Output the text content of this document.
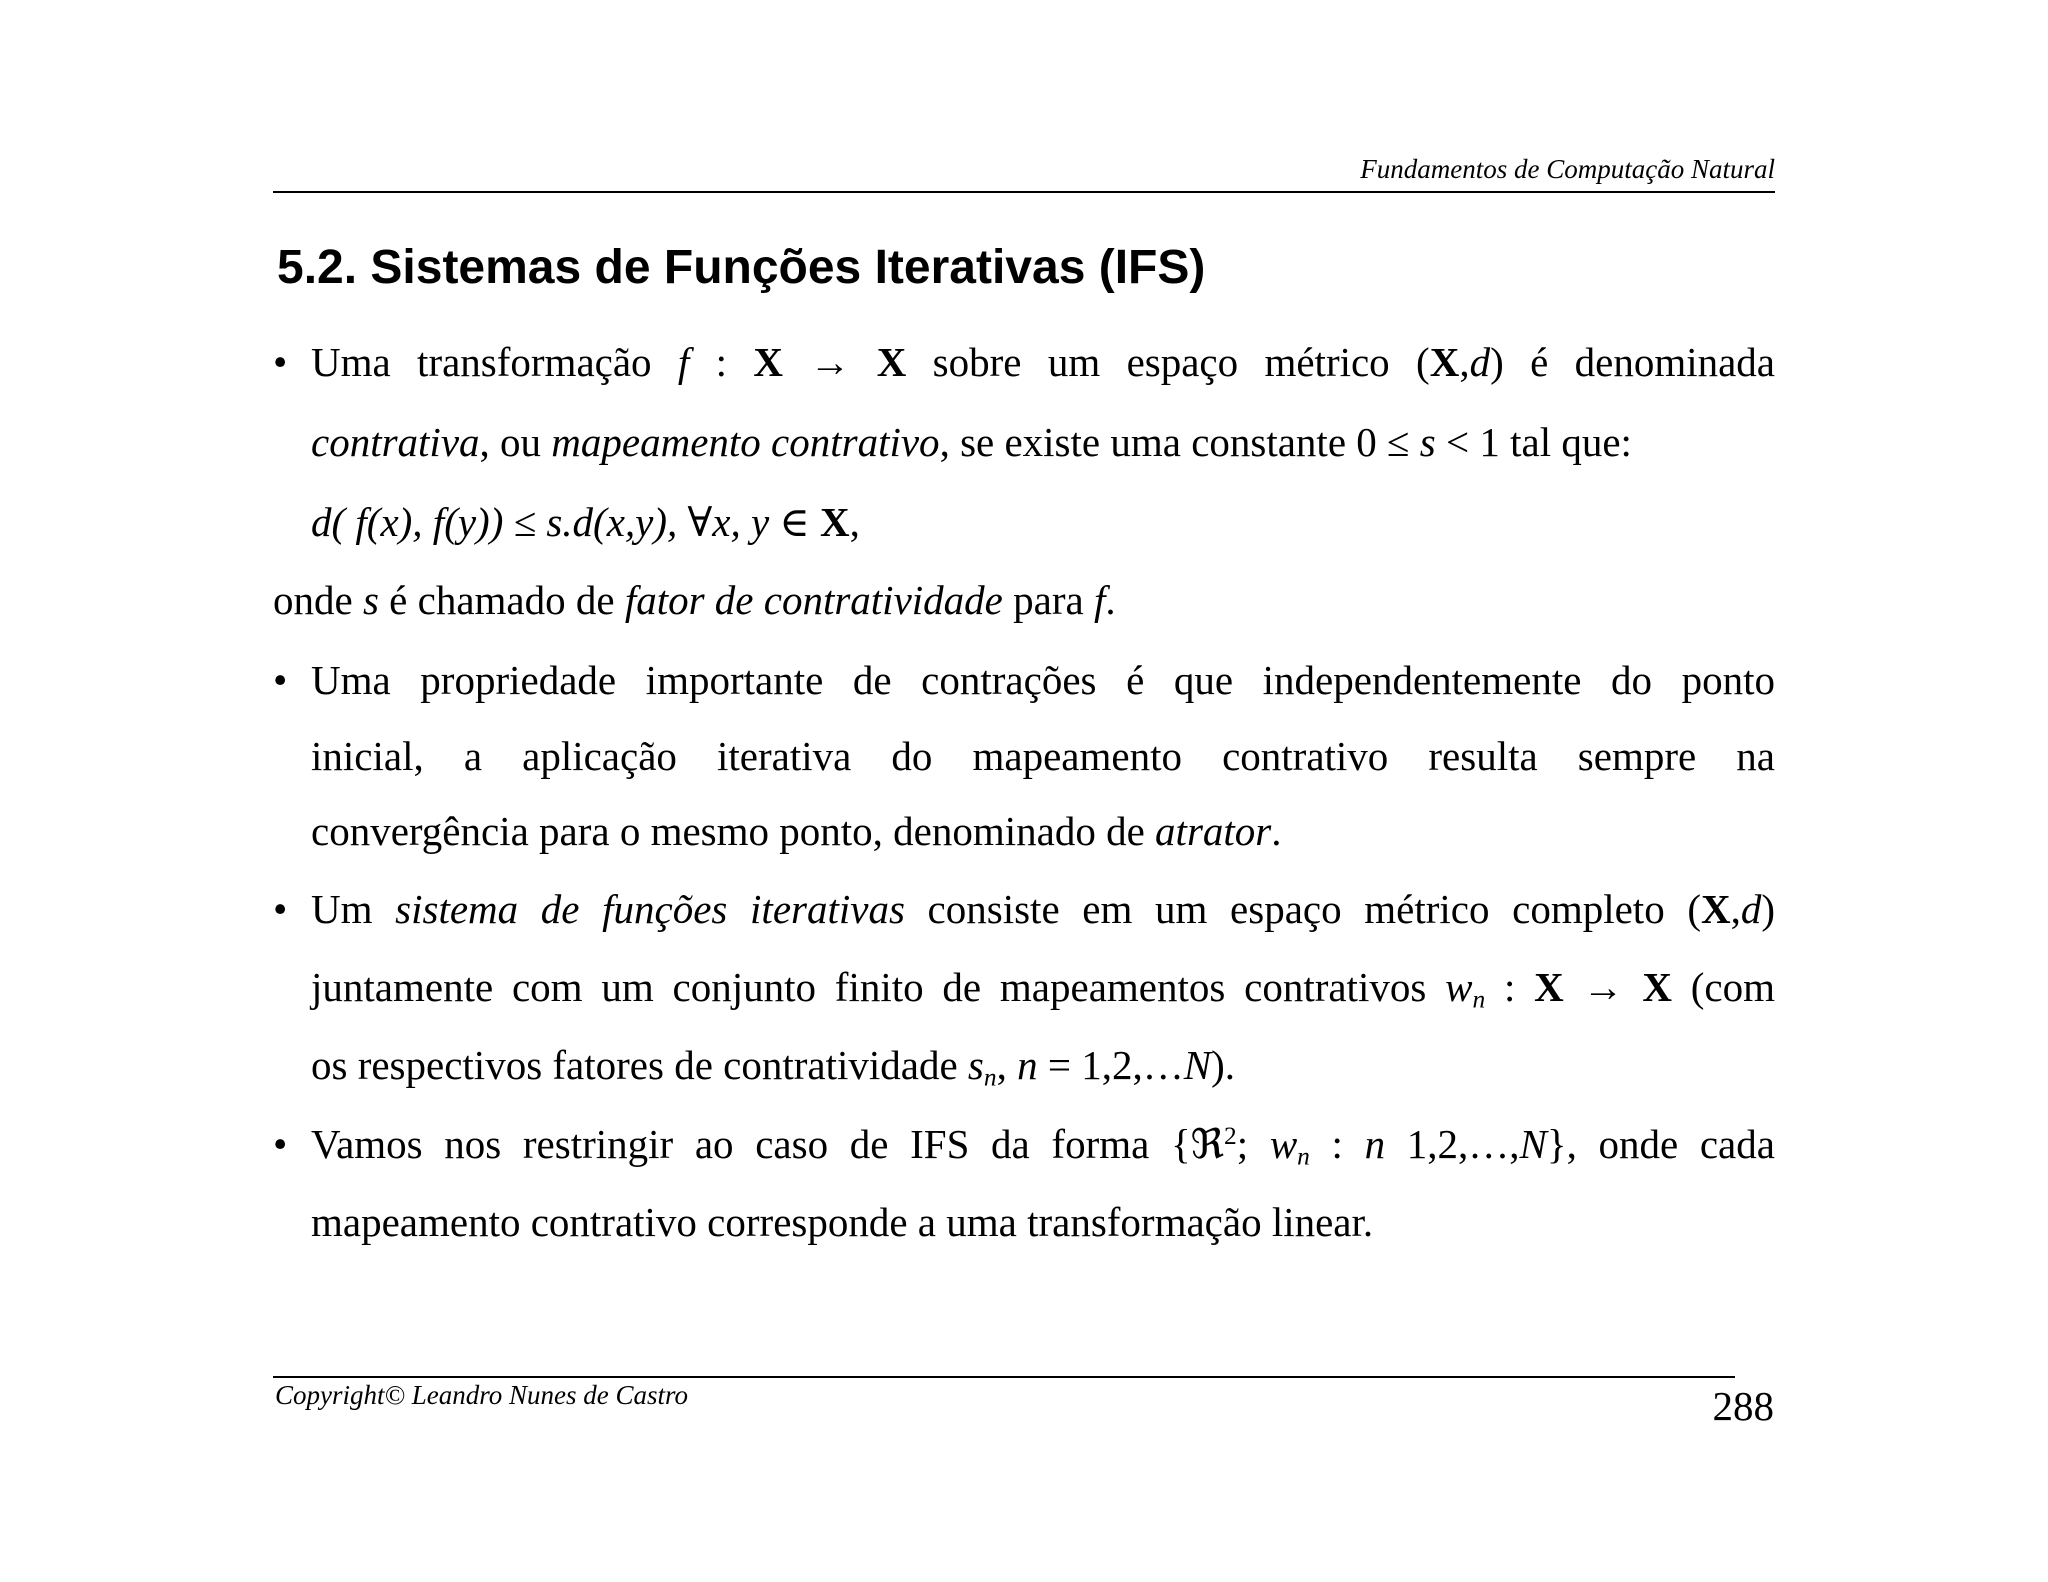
Fundamentos de Computação Natural
5.2. Sistemas de Funções Iterativas (IFS)
• Uma transformação f : X → X sobre um espaço métrico (X,d) é denominada
contrativa, ou mapeamento contrativo, se existe uma constante 0 ≤ s < 1 tal que:
d( f(x), f(y)) ≤ s.d(x,y), ∀x, y ∈ X,
onde s é chamado de fator de contratividade para f.
• Uma propriedade importante de contrações é que independentemente do ponto
inicial, a aplicação iterativa do mapeamento contrativo resulta sempre na
convergência para o mesmo ponto, denominado de atrator.
• Um sistema de funções iterativas consiste em um espaço métrico completo (X,d)
juntamente com um conjunto finito de mapeamentos contrativos $w_n$ : X → X (com
os respectivos fatores de contratividade $s_n$, n = 1,2,…N).
• Vamos nos restringir ao caso de IFS da forma {ℜ$^2$; $w_n$ : n 1,2,…,N}, onde cada
mapeamento contrativo corresponde a uma transformação linear.
Copyright© Leandro Nunes de Castro	288
